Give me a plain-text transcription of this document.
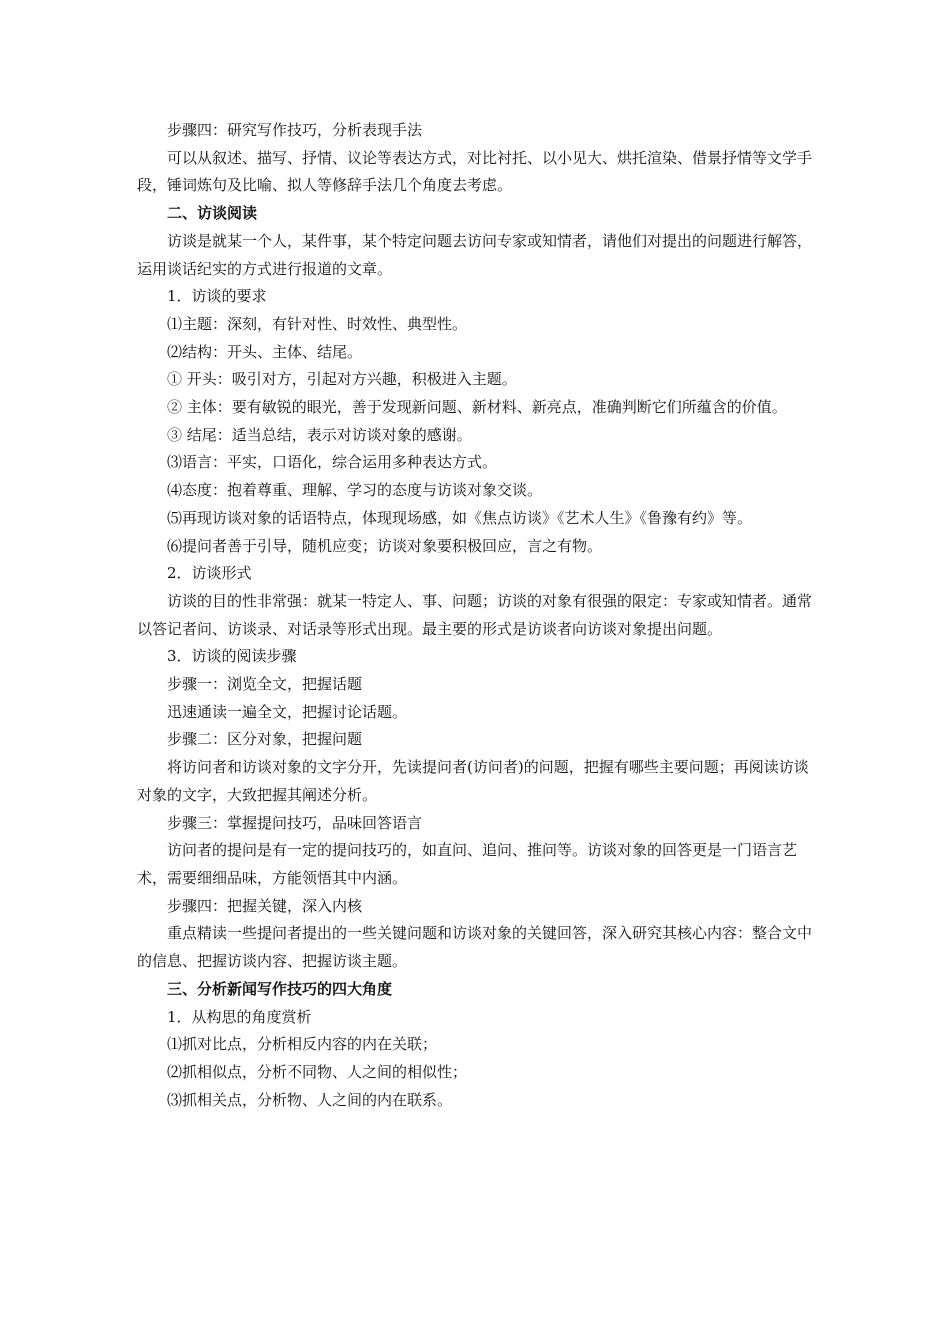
步骤四：研究写作技巧，分析表现手法

可以从叙述、描写、抒情、议论等表达方式，对比衬托、以小见大、烘托渲染、借景抒情等文学手段，锤词炼句及比喻、拟人等修辞手法几个角度去考虑。

二、访谈阅读

访谈是就某一个人，某件事，某个特定问题去访问专家或知情者，请他们对提出的问题进行解答，运用谈话纪实的方式进行报道的文章。

1．访谈的要求

⑴主题：深刻，有针对性、时效性、典型性。

⑵结构：开头、主体、结尾。

① 开头：吸引对方，引起对方兴趣，积极进入主题。

② 主体：要有敏锐的眼光，善于发现新问题、新材料、新亮点，准确判断它们所蕴含的价值。

③ 结尾：适当总结，表示对访谈对象的感谢。

⑶语言：平实，口语化，综合运用多种表达方式。

⑷态度：抱着尊重、理解、学习的态度与访谈对象交谈。

⑸再现访谈对象的话语特点，体现现场感，如《焦点访谈》《艺术人生》《鲁豫有约》等。

⑹提问者善于引导，随机应变；访谈对象要积极回应，言之有物。

2．访谈形式

访谈的目的性非常强：就某一特定人、事、问题；访谈的对象有很强的限定：专家或知情者。通常以答记者问、访谈录、对话录等形式出现。最主要的形式是访谈者向访谈对象提出问题。

3．访谈的阅读步骤

步骤一：浏览全文，把握话题

迅速通读一遍全文，把握讨论话题。

步骤二：区分对象，把握问题

将访问者和访谈对象的文字分开，先读提问者(访问者)的问题，把握有哪些主要问题；再阅读访谈对象的文字，大致把握其阐述分析。

步骤三：掌握提问技巧，品味回答语言

访问者的提问是有一定的提问技巧的，如直问、追问、推问等。访谈对象的回答更是一门语言艺术，需要细细品味，方能领悟其中内涵。

步骤四：把握关键，深入内核

重点精读一些提问者提出的一些关键问题和访谈对象的关键回答，深入研究其核心内容：整合文中的信息、把握访谈内容、把握访谈主题。

三、分析新闻写作技巧的四大角度

1．从构思的角度赏析

⑴抓对比点，分析相反内容的内在关联；

⑵抓相似点，分析不同物、人之间的相似性；

⑶抓相关点，分析物、人之间的内在联系。
